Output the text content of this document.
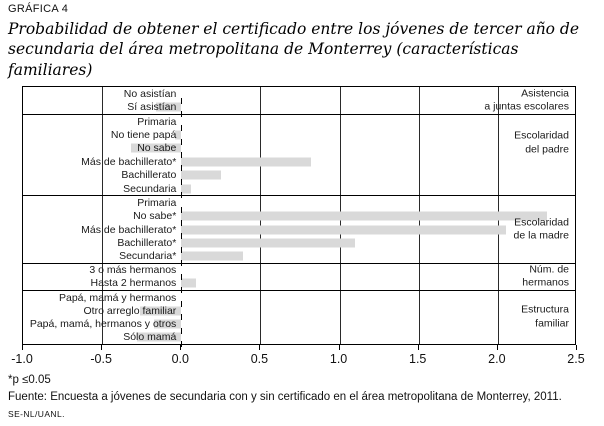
GRÁFICA 4
Probabilidad de obtener el certificado entre los jóvenes de tercer año de secundaria del área metropolitana de Monterrey (características familiares)
No asistían
Sí asistían
Asistencia
a juntas escolares
Primaria
No tiene papá
No sabe
Más de bachillerato*
Bachillerato
Secundaria
Escolaridad
del padre
Primaria
No sabe*
Más de bachillerato*
Bachillerato*
Secundaria*
Escolaridad
de la madre
3 o más hermanos
Hasta 2 hermanos
Núm. de
hermanos
Papá, mamá y hermanos
Otro arreglo familiar
Papá, mamá, hermanos y otros
Sólo mamá
Estructura
familiar
-1.0	-0.5	0.0	0.5	1.0	1.5	2.0	2.5
*p ≤0.05
Fuente: Encuesta a jóvenes de secundaria con y sin certificado en el área metropolitana de Monterrey, 2011.
SE-NL/UANL.
